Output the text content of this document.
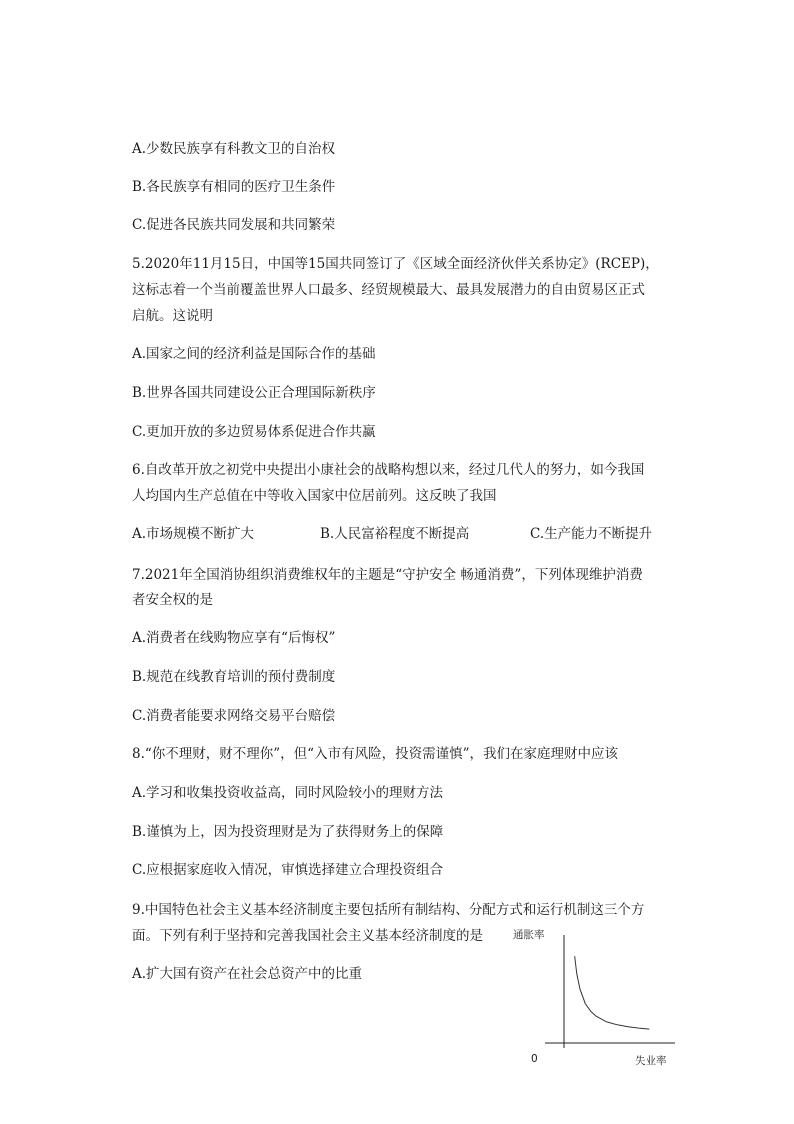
A.少数民族享有科教文卫的自治权
B.各民族享有相同的医疗卫生条件
C.促进各民族共同发展和共同繁荣
5.2020年11月15日，中国等15国共同签订了《区域全面经济伙伴关系协定》(RCEP)，
这标志着一个当前覆盖世界人口最多、经贸规模最大、最具发展潜力的自由贸易区正式
启航。这说明
A.国家之间的经济利益是国际合作的基础
B.世界各国共同建设公正合理国际新秩序
C.更加开放的多边贸易体系促进合作共赢
6.自改革开放之初党中央提出小康社会的战略构想以来，经过几代人的努力，如今我国
人均国内生产总值在中等收入国家中位居前列。这反映了我国
A.市场规模不断扩大	B.人民富裕程度不断提高	C.生产能力不断提升
7.2021年全国消协组织消费维权年的主题是“守护安全 畅通消费”，下列体现维护消费
者安全权的是
A.消费者在线购物应享有“后悔权”
B.规范在线教育培训的预付费制度
C.消费者能要求网络交易平台赔偿
8.“你不理财，财不理你”，但“入市有风险，投资需谨慎”，我们在家庭理财中应该
A.学习和收集投资收益高，同时风险较小的理财方法
B.谨慎为上，因为投资理财是为了获得财务上的保障
C.应根据家庭收入情况，审慎选择建立合理投资组合
9.中国特色社会主义基本经济制度主要包括所有制结构、分配方式和运行机制这三个方
面。下列有利于坚持和完善我国社会主义基本经济制度的是
A.扩大国有资产在社会总资产中的比重
通胀率
失业率
0
